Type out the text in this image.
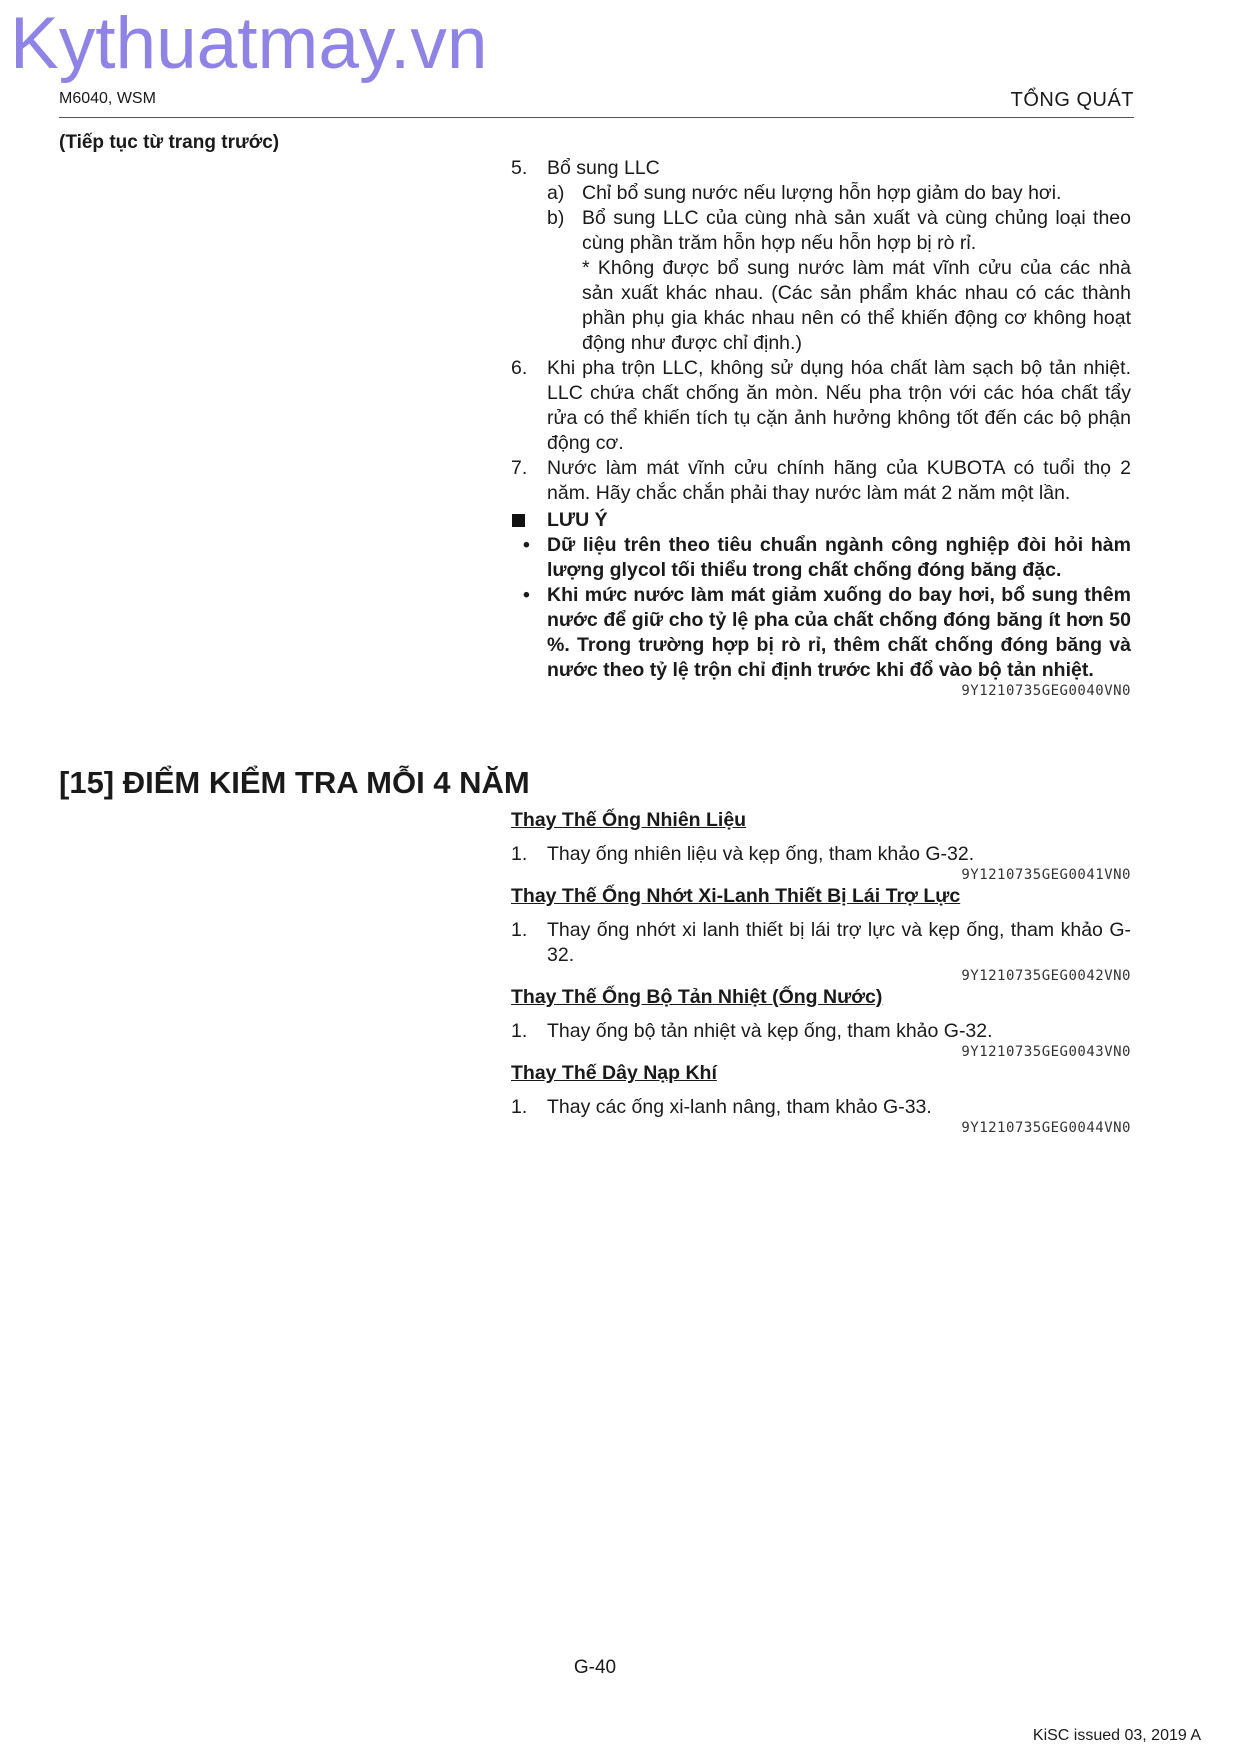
Kythuatmay.vn
M6040, WSM	TỔNG QUÁT
(Tiếp tục từ trang trước)
5. Bổ sung LLC
a) Chỉ bổ sung nước nếu lượng hỗn hợp giảm do bay hơi.
b) Bổ sung LLC của cùng nhà sản xuất và cùng chủng loại theo cùng phần trăm hỗn hợp nếu hỗn hợp bị rò rỉ.
* Không được bổ sung nước làm mát vĩnh cửu của các nhà sản xuất khác nhau. (Các sản phẩm khác nhau có các thành phần phụ gia khác nhau nên có thể khiến động cơ không hoạt động như được chỉ định.)
6. Khi pha trộn LLC, không sử dụng hóa chất làm sạch bộ tản nhiệt. LLC chứa chất chống ăn mòn. Nếu pha trộn với các hóa chất tẩy rửa có thể khiến tích tụ cặn ảnh hưởng không tốt đến các bộ phận động cơ.
7. Nước làm mát vĩnh cửu chính hãng của KUBOTA có tuổi thọ 2 năm. Hãy chắc chắn phải thay nước làm mát 2 năm một lần.
LƯU Ý
• Dữ liệu trên theo tiêu chuẩn ngành công nghiệp đòi hỏi hàm lượng glycol tối thiểu trong chất chống đóng băng đặc.
• Khi mức nước làm mát giảm xuống do bay hơi, bổ sung thêm nước để giữ cho tỷ lệ pha của chất chống đóng băng ít hơn 50 %. Trong trường hợp bị rò rỉ, thêm chất chống đóng băng và nước theo tỷ lệ trộn chỉ định trước khi đổ vào bộ tản nhiệt.
9Y1210735GEG0040VN0
[15] ĐIỂM KIỂM TRA MỖI 4 NĂM
Thay Thế Ống Nhiên Liệu
1. Thay ống nhiên liệu và kẹp ống, tham khảo G-32.
9Y1210735GEG0041VN0
Thay Thế Ống Nhớt Xi-Lanh Thiết Bị Lái Trợ Lực
1. Thay ống nhớt xi lanh thiết bị lái trợ lực và kẹp ống, tham khảo G-32.
9Y1210735GEG0042VN0
Thay Thế Ống Bộ Tản Nhiệt (Ống Nước)
1. Thay ống bộ tản nhiệt và kẹp ống, tham khảo G-32.
9Y1210735GEG0043VN0
Thay Thế Dây Nạp Khí
1. Thay các ống xi-lanh nâng, tham khảo G-33.
9Y1210735GEG0044VN0
G-40
KiSC issued 03, 2019 A
